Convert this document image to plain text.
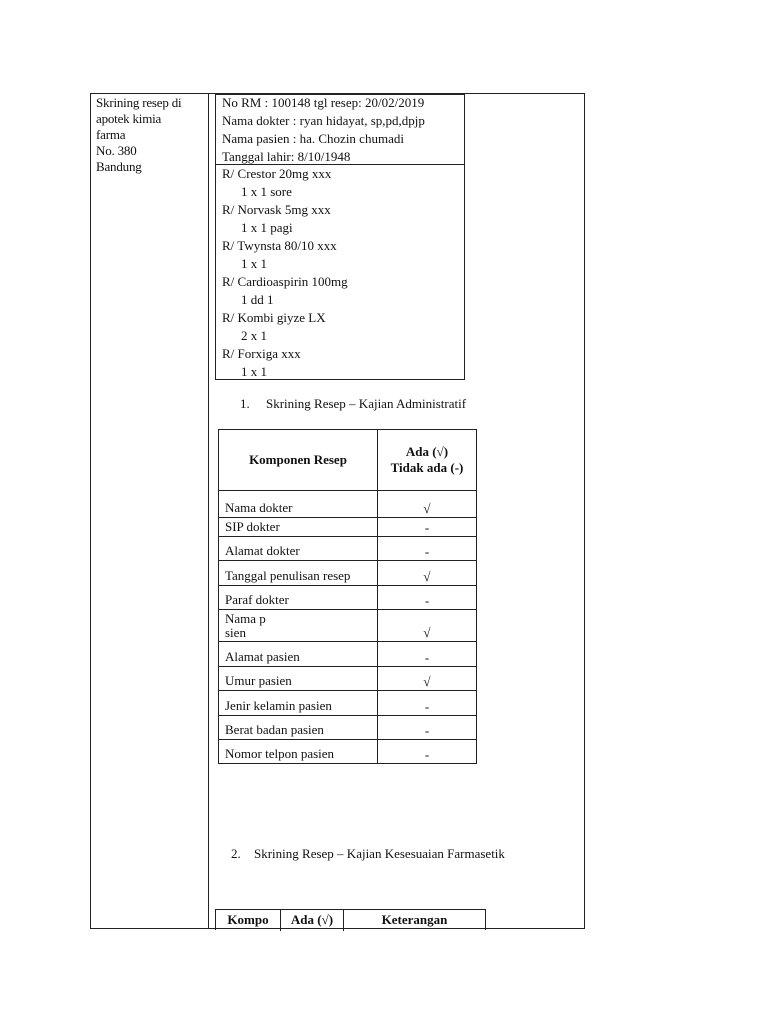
Skrining resep di
apotek kimia
farma
No. 380
Bandung
No RM : 100148 tgl resep: 20/02/2019
Nama dokter : ryan hidayat, sp,pd,dpjp
Nama pasien : ha. Chozin chumadi
Tanggal lahir: 8/10/1948
R/ Crestor 20mg xxx
1 x 1 sore
R/ Norvask 5mg xxx
1 x 1 pagi
R/ Twynsta 80/10 xxx
1 x 1
R/ Cardioaspirin 100mg
1 dd 1
R/ Kombi giyze LX
2 x 1
R/ Forxiga xxx
1 x 1
1. Skrining Resep – Kajian Administratif
Komponen Resep	Ada (√)
Tidak ada (-)

Nama dokter	√
SIP dokter	-
Alamat dokter	-
Tanggal penulisan resep	√
Paraf dokter	-

Nama p
sien	√
Alamat pasien	-
Umur pasien	√
Jenir kelamin pasien	-
Berat badan pasien	-
Nomor telpon pasien	-
2. Skrining Resep – Kajian Kesesuaian Farmasetik
Kompo	Ada (√)	Keterangan
